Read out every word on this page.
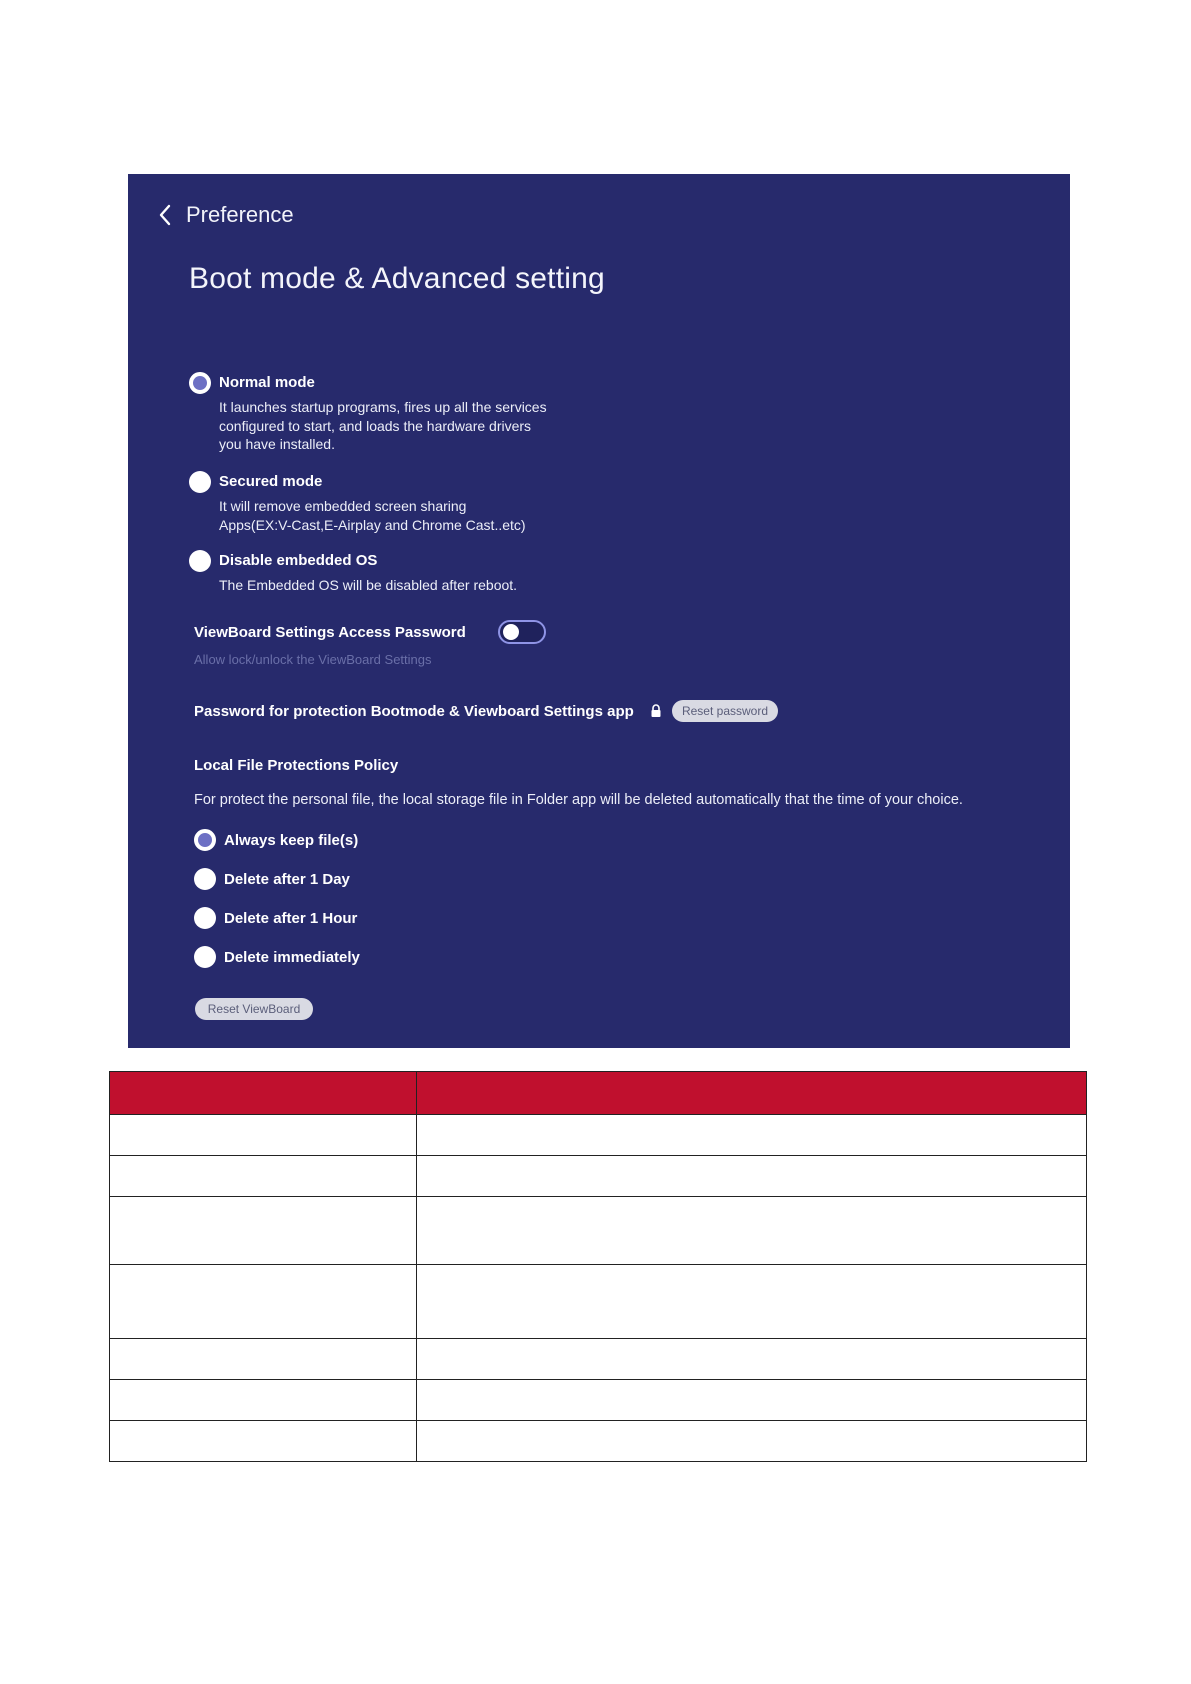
Preference
Boot mode & Advanced setting
Normal mode
It launches startup programs, fires up all the services
configured to start, and loads the hardware drivers
you have installed.
Secured mode
It will remove embedded screen sharing
Apps(EX:V-Cast,E-Airplay and Chrome Cast..etc)
Disable embedded OS
The Embedded OS will be disabled after reboot.
ViewBoard Settings Access Password
Allow lock/unlock the ViewBoard Settings
Password for protection Bootmode & Viewboard Settings app	Reset password
Local File Protections Policy
For protect the personal file, the local storage file in Folder app will be deleted automatically that the time of your choice.
Always keep file(s)
Delete after 1 Day
Delete after 1 Hour
Delete immediately
Reset ViewBoard
